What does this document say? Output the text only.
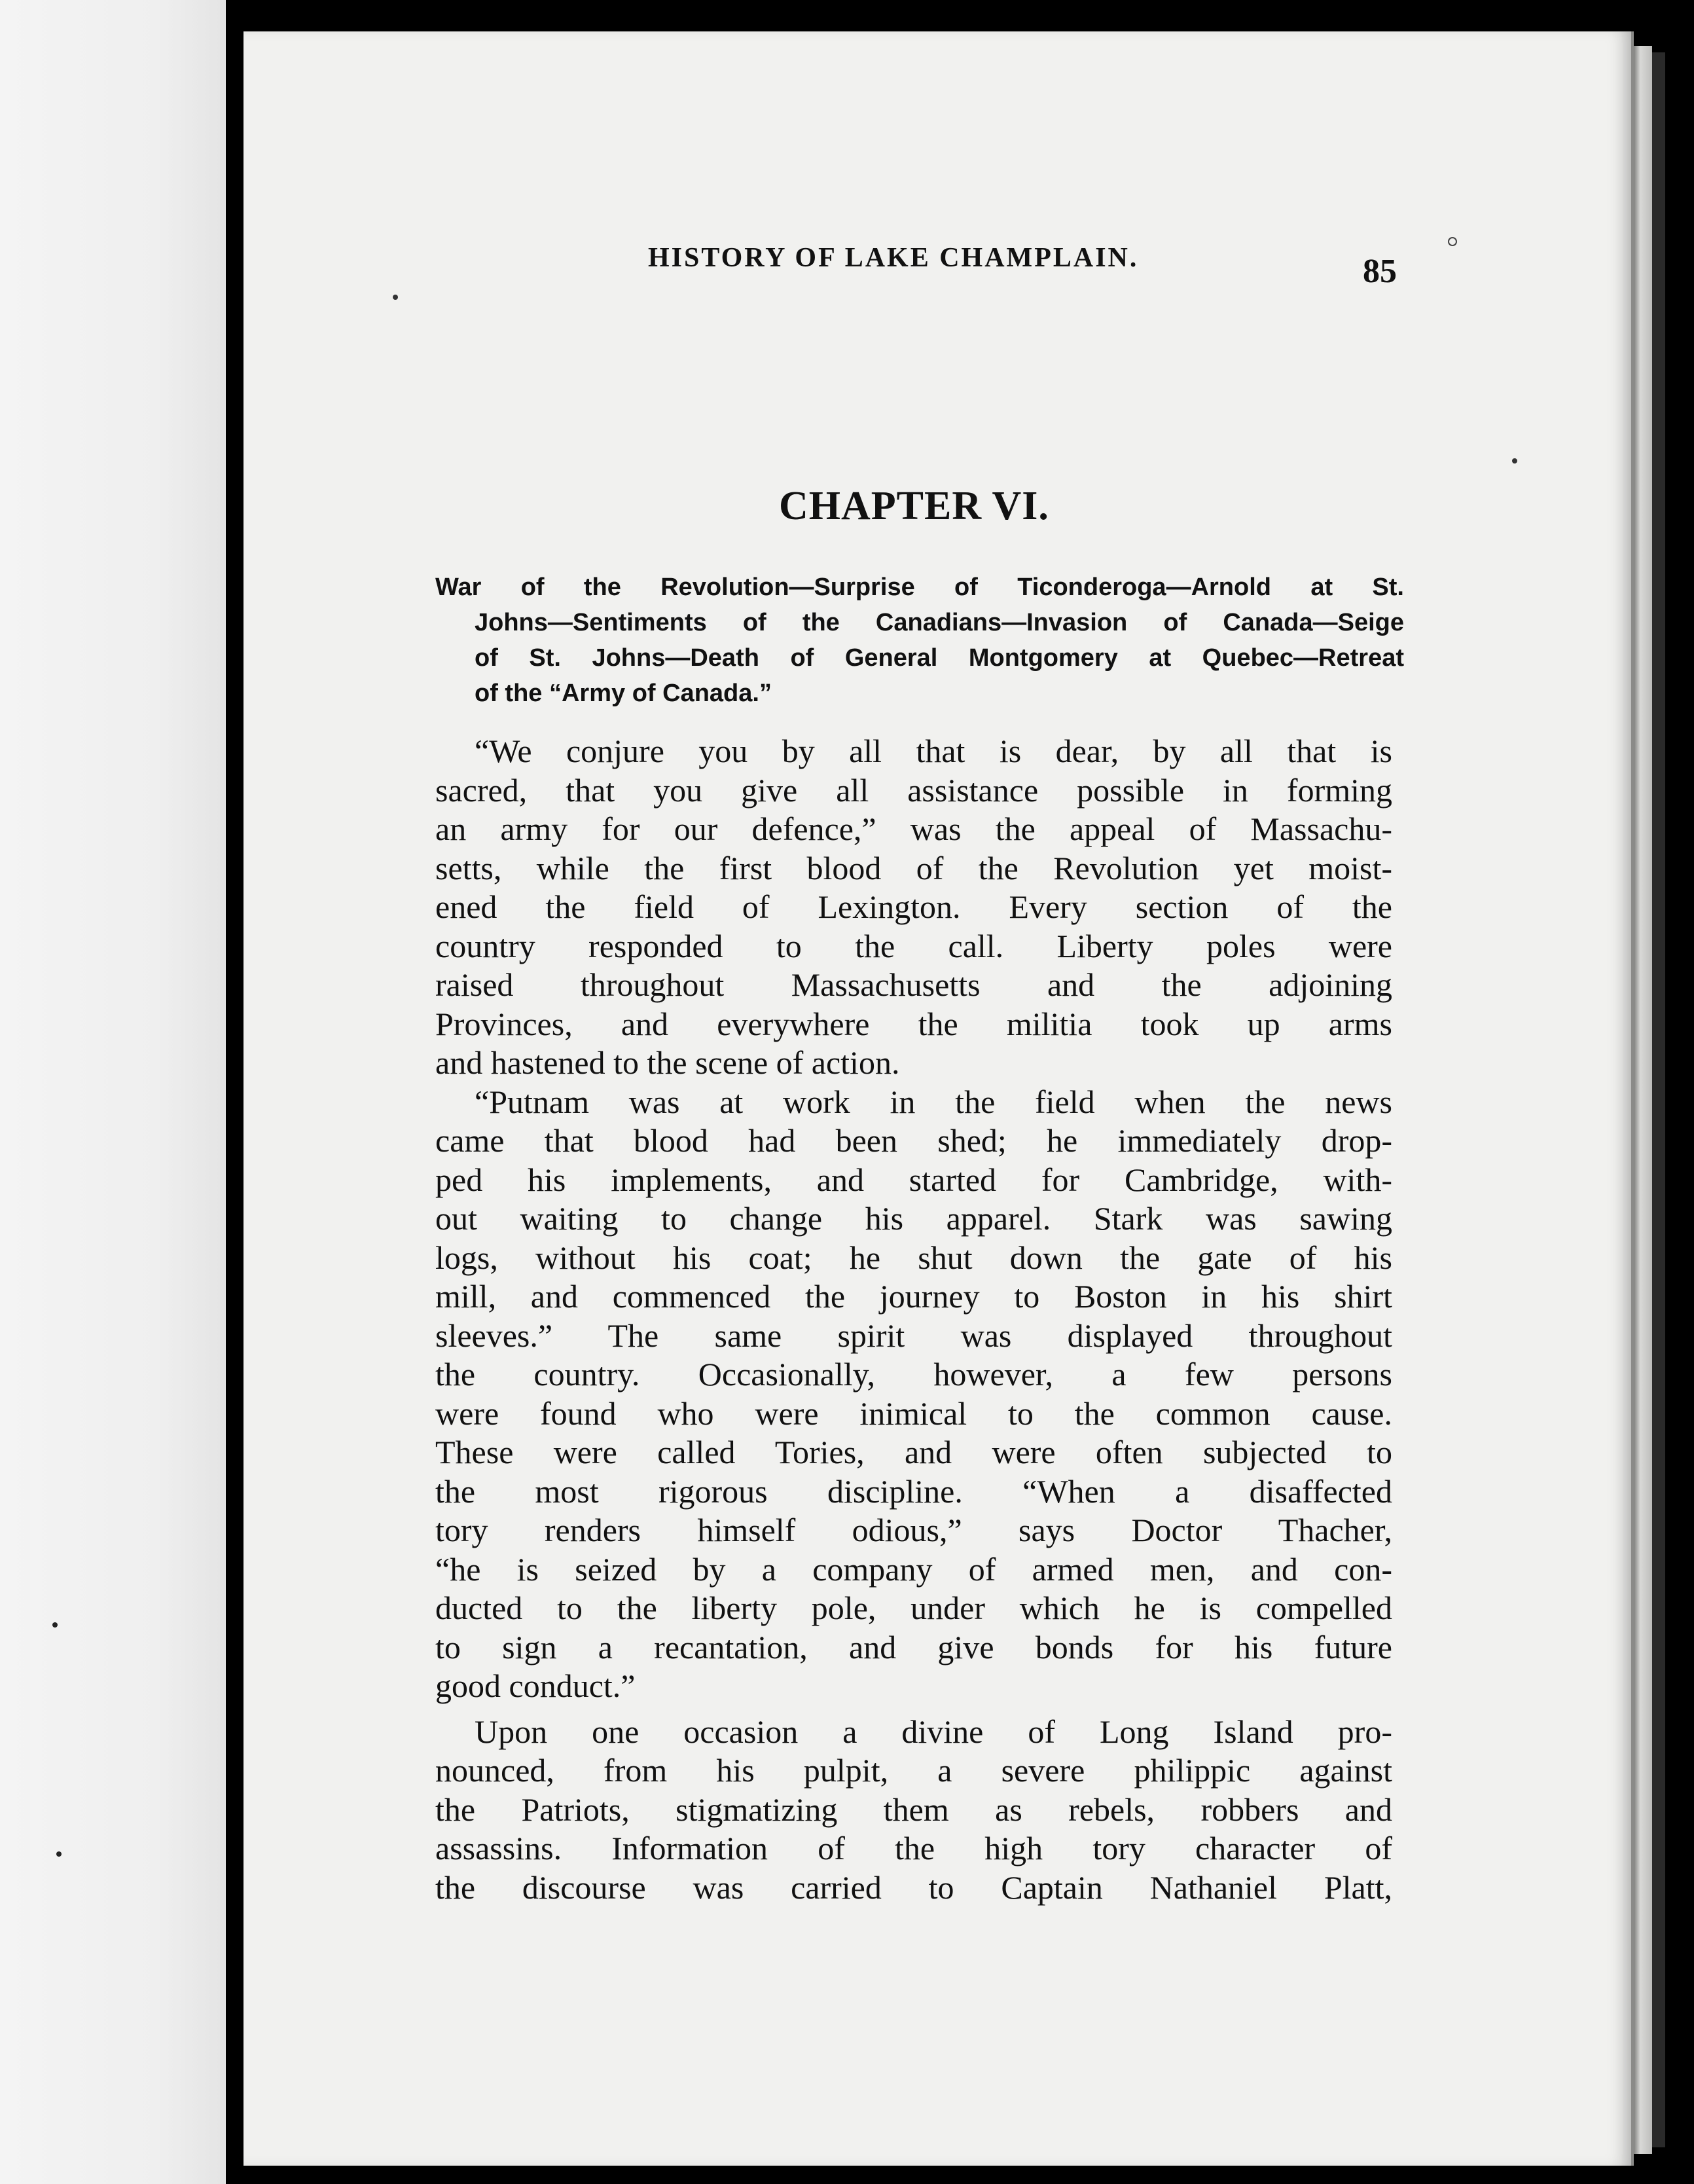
HISTORY OF LAKE CHAMPLAIN.	85
CHAPTER VI.
War of the Revolution—Surprise of Ticonderoga—Arnold at St.
Johns—Sentiments of the Canadians—Invasion of Canada—Seige
of St. Johns—Death of General Montgomery at Quebec—Retreat
of the “Army of Canada.”
“We conjure you by all that is dear, by all that is
sacred, that you give all assistance possible in forming
an army for our defence,” was the appeal of Massachu-
setts, while the first blood of the Revolution yet moist-
ened the field of Lexington. Every section of the
country responded to the call. Liberty poles were
raised throughout Massachusetts and the adjoining
Provinces, and everywhere the militia took up arms
and hastened to the scene of action.
“Putnam was at work in the field when the news
came that blood had been shed; he immediately drop-
ped his implements, and started for Cambridge, with-
out waiting to change his apparel. Stark was sawing
logs, without his coat; he shut down the gate of his
mill, and commenced the journey to Boston in his shirt
sleeves.” The same spirit was displayed throughout
the country. Occasionally, however, a few persons
were found who were inimical to the common cause.
These were called Tories, and were often subjected to
the most rigorous discipline. “When a disaffected
tory renders himself odious,” says Doctor Thacher,
“he is seized by a company of armed men, and con-
ducted to the liberty pole, under which he is compelled
to sign a recantation, and give bonds for his future
good conduct.”
Upon one occasion a divine of Long Island pro-
nounced, from his pulpit, a severe philippic against
the Patriots, stigmatizing them as rebels, robbers and
assassins. Information of the high tory character of
the discourse was carried to Captain Nathaniel Platt,
